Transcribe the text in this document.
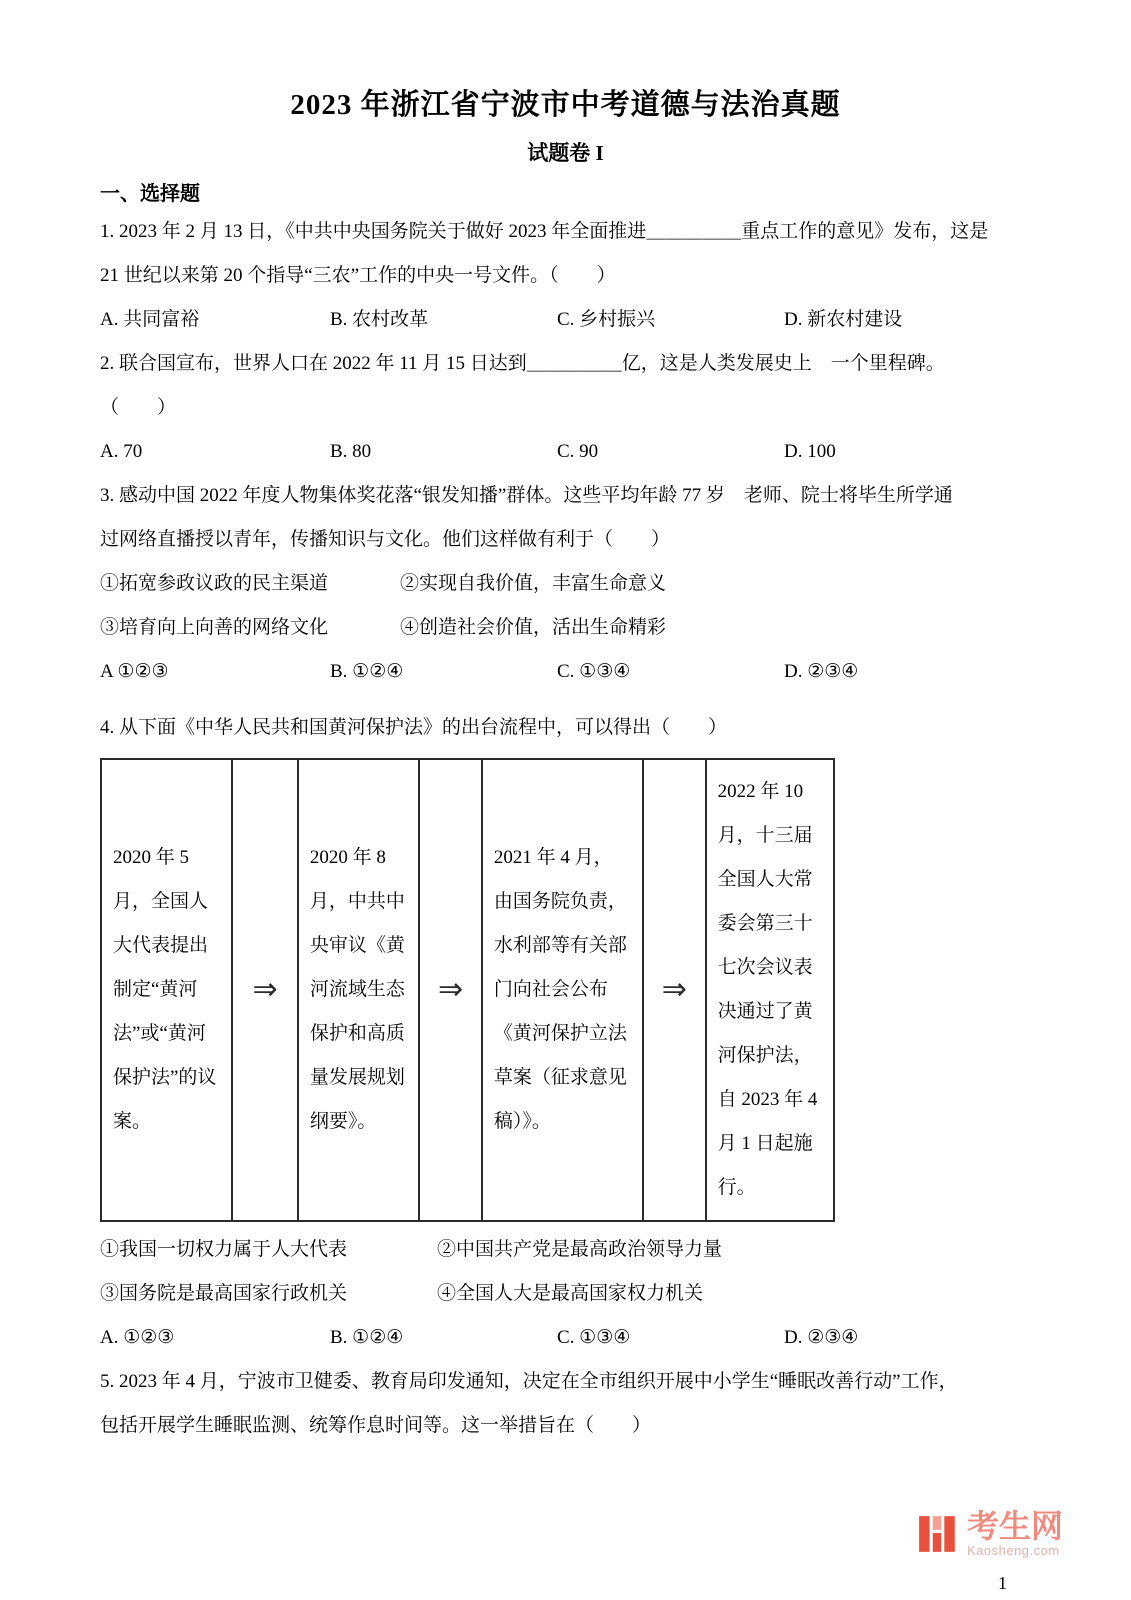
2023 年浙江省宁波市中考道德与法治真题
试题卷 I
一、选择题

1. 2023 年 2 月 13 日，《中共中央国务院关于做好 2023 年全面推进＿＿＿＿＿重点工作的意见》发布，这是

21 世纪以来第 20 个指导“三农”工作的中央一号文件。（　　）

A. 共同富裕	B. 农村改革	C. 乡村振兴	D. 新农村建设

2. 联合国宣布，世界人口在 2022 年 11 月 15 日达到＿＿＿＿＿亿，这是人类发展史上　一个里程碑。

（　　）

A. 70	B. 80	C. 90	D. 100

3. 感动中国 2022 年度人物集体奖花落“银发知播”群体。这些平均年龄 77 岁　老师、院士将毕生所学通

过网络直播授以青年，传播知识与文化。他们这样做有利于（　　）

①拓宽参政议政的民主渠道	②实现自我价值，丰富生命意义
③培育向上向善的网络文化	④创造社会价值，活出生命精彩
A ①②③	B. ①②④	C. ①③④	D. ②③④

4. 从下面《中华人民共和国黄河保护法》的出台流程中，可以得出（　　）

2020 年 5 月，全国人大代表提出制定“黄河法”或“黄河保护法”的议案。
⇒
2020 年 8 月，中共中央审议《黄河流域生态保护和高质量发展规划纲要》。
⇒
2021 年 4 月，由国务院负责，水利部等有关部门向社会公布《黄河保护立法草案（征求意见稿）》。
⇒
2022 年 10 月，十三届全国人大常委会第三十七次会议表决通过了黄河保护法，自 2023 年 4 月 1 日起施行。
①我国一切权力属于人大代表	②中国共产党是最高政治领导力量
③国务院是最高国家行政机关	④全国人大是最高国家权力机关
A. ①②③	B. ①②④	C. ①③④	D. ②③④

5. 2023 年 4 月，宁波市卫健委、教育局印发通知，决定在全市组织开展中小学生“睡眠改善行动”工作，

包括开展学生睡眠监测、统筹作息时间等。这一举措旨在（　　）

考生网
Kaosheng.com
1
